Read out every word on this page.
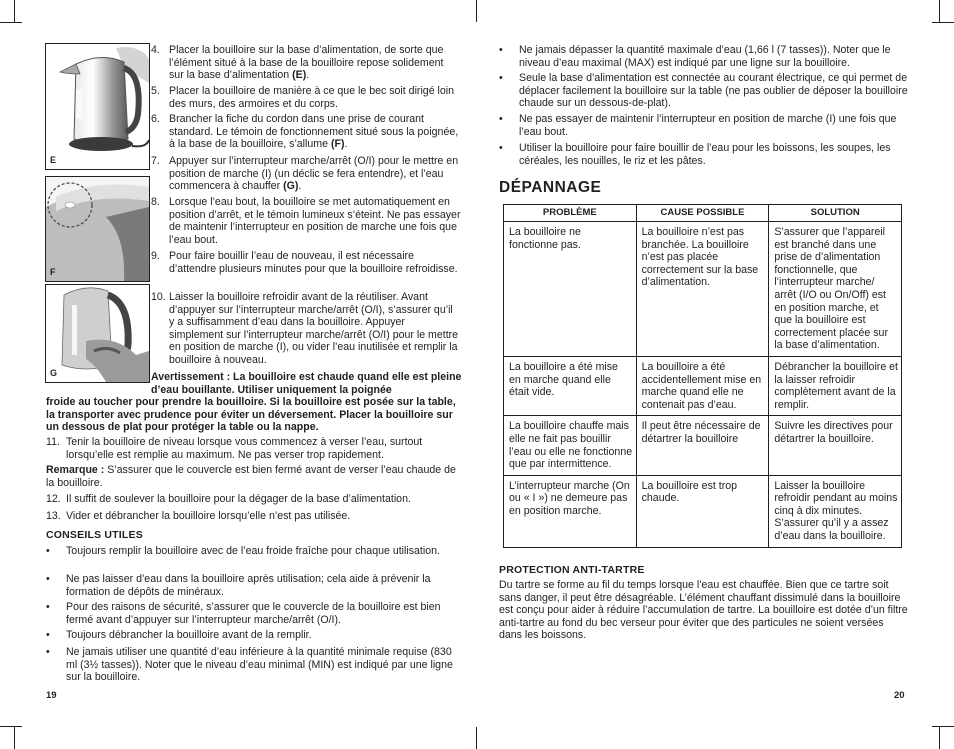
E
F
G
4. Placer la bouilloire sur la base d’alimentation, de sorte que l’élément situé à la base de la bouilloire repose solidement sur la base d’alimentation (E).
5. Placer la bouilloire de manière à ce que le bec soit dirigé loin des murs, des armoires et du corps.
6. Brancher la fiche du cordon dans une prise de courant standard. Le témoin de fonctionnement situé sous la poignée, à la base de la bouilloire, s’allume (F).
7. Appuyer sur l’interrupteur marche/arrêt (O/I) pour le mettre en position de marche (I) (un déclic se fera entendre), et l’eau commencera à chauffer (G).
8. Lorsque l’eau bout, la bouilloire se met automatiquement en position d’arrêt, et le témoin lumineux s’éteint. Ne pas essayer de maintenir l’interrupteur en position de marche une fois que l’eau bout.
9. Pour faire bouillir l’eau de nouveau, il est nécessaire d’attendre plusieurs minutes pour que la bouilloire refroidisse.
10. Laisser la bouilloire refroidir avant de la réutiliser. Avant d’appuyer sur l’interrupteur marche/arrêt (O/I), s’assurer qu’il y a suffisamment d’eau dans la bouilloire. Appuyer simplement sur l’interrupteur marche/arrêt (O/I) pour le mettre en position de marche (I), ou vider l’eau inutilisée et remplir la bouilloire à nouveau.
Avertissement : La bouilloire est chaude quand elle est pleine d’eau bouillante. Utiliser uniquement la poignée
froide au toucher pour prendre la bouilloire. Si la bouilloire est posée sur la table, la transporter avec prudence pour éviter un déversement. Placer la bouilloire sur un dessous de plat pour protéger la table ou la nappe.
11. Tenir la bouilloire de niveau lorsque vous commencez à verser l’eau, surtout lorsqu’elle est remplie au maximum. Ne pas verser trop rapidement.
Remarque : S’assurer que le couvercle est bien fermé avant de verser l’eau chaude de la bouilloire.
12. Il suffit de soulever la bouilloire pour la dégager de la base d’alimentation.
13. Vider et débrancher la bouilloire lorsqu’elle n’est pas utilisée.
CONSEILS UTILES
• Toujours remplir la bouilloire avec de l’eau froide fraîche pour chaque utilisation.
• Ne pas laisser d’eau dans la bouilloire après utilisation; cela aide à prévenir la formation de dépôts de minéraux.
• Pour des raisons de sécurité, s’assurer que le couvercle de la bouilloire est bien fermé avant d’appuyer sur l’interrupteur marche/arrêt (O/I).
• Toujours débrancher la bouilloire avant de la remplir.
• Ne jamais utiliser une quantité d’eau inférieure à la quantité minimale requise (830 ml (3½ tasses)). Noter que le niveau d’eau minimal (MIN) est indiqué par une ligne sur la bouilloire.
19
• Ne jamais dépasser la quantité maximale d’eau (1,66 l (7 tasses)). Noter que le niveau d’eau maximal (MAX) est indiqué par une ligne sur la bouilloire.
• Seule la base d’alimentation est connectée au courant électrique, ce qui permet de déplacer facilement la bouilloire sur la table (ne pas oublier de déposer la bouilloire chaude sur un dessous-de-plat).
• Ne pas essayer de maintenir l’interrupteur en position de marche (I) une fois que l’eau bout.
• Utiliser la bouilloire pour faire bouillir de l’eau pour les boissons, les soupes, les céréales, les nouilles, le riz et les pâtes.
DÉPANNAGE
PROBLÈME	CAUSE POSSIBLE	SOLUTION
La bouilloire ne fonctionne pas.	La bouilloire n’est pas branchée. La bouilloire n’est pas placée correctement sur la base d’alimentation.	S’assurer que l’appareil est branché dans une prise de d’alimentation fonctionnelle, que l’interrupteur marche/ arrêt (I/O ou On/Off) est en position marche, et que la bouilloire est correctement placée sur la base d’alimentation.
La bouilloire a été mise en marche quand elle était vide.	La bouilloire a été accidentellement mise en marche quand elle ne contenait pas d’eau.	Débrancher la bouilloire et la laisser refroidir complètement avant de la remplir.
La bouilloire chauffe mais elle ne fait pas bouillir l’eau ou elle ne fonctionne que par intermittence.	Il peut être nécessaire de détartrer la bouilloire	Suivre les directives pour détartrer la bouilloire.
L’interrupteur marche (On ou « I ») ne demeure pas en position marche.	La bouilloire est trop chaude.	Laisser la bouilloire refroidir pendant au moins cinq à dix minutes. S’assurer qu’il y a assez d’eau dans la bouilloire.
PROTECTION ANTI-TARTRE
Du tartre se forme au fil du temps lorsque l’eau est chauffée. Bien que ce tartre soit sans danger, il peut être désagréable. L’élément chauffant dissimulé dans la bouilloire est conçu pour aider à réduire l’accumulation de tartre. La bouilloire est dotée d’un filtre anti-tartre au fond du bec verseur pour éviter que des particules ne soient versées dans les boissons.
20
